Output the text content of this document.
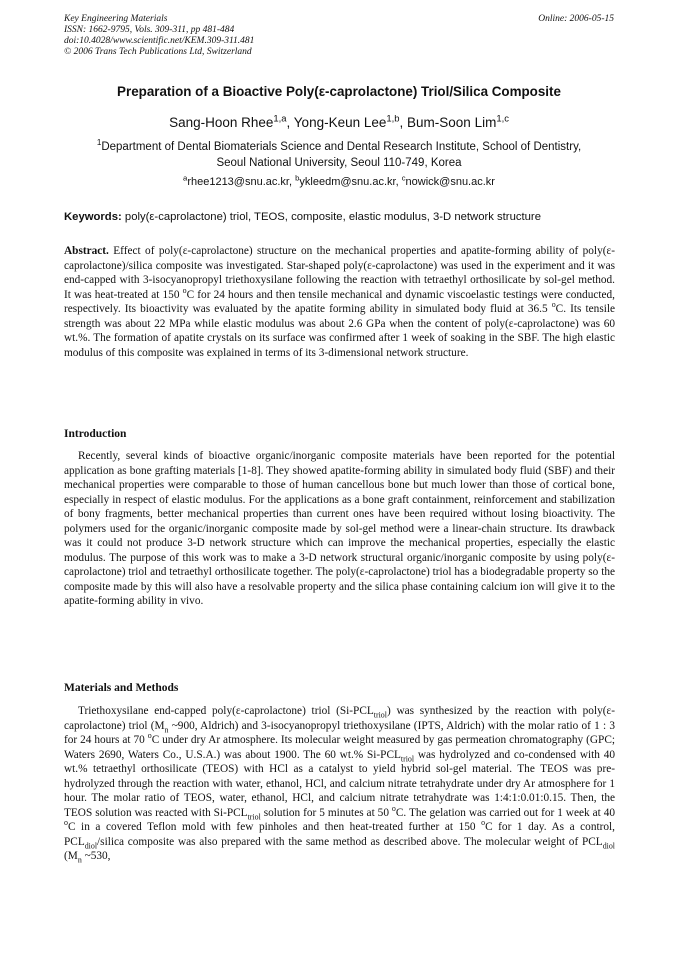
Key Engineering Materials
ISSN: 1662-9795, Vols. 309-311, pp 481-484
doi:10.4028/www.scientific.net/KEM.309-311.481
© 2006 Trans Tech Publications Ltd, Switzerland
Online: 2006-05-15
Preparation of a Bioactive Poly(ε-caprolactone) Triol/Silica Composite
Sang-Hoon Rhee$^{1,a}$, Yong-Keun Lee$^{1,b}$, Bum-Soon Lim$^{1,c}$
$^1$Department of Dental Biomaterials Science and Dental Research Institute, School of Dentistry,
Seoul National University, Seoul 110-749, Korea
$^a$rhee1213@snu.ac.kr, $^b$ykleedm@snu.ac.kr, $^c$nowick@snu.ac.kr
Keywords: poly(ε-caprolactone) triol, TEOS, composite, elastic modulus, 3-D network structure
Abstract. Effect of poly(ε-caprolactone) structure on the mechanical properties and apatite-forming ability of poly(ε-caprolactone)/silica composite was investigated. Star-shaped poly(ε-caprolactone) was used in the experiment and it was end-capped with 3-isocyanopropyl triethoxysilane following the reaction with tetraethyl orthosilicate by sol-gel method. It was heat-treated at 150 $^o$C for 24 hours and then tensile mechanical and dynamic viscoelastic testings were conducted, respectively. Its bioactivity was evaluated by the apatite forming ability in simulated body fluid at 36.5 $^o$C. Its tensile strength was about 22 MPa while elastic modulus was about 2.6 GPa when the content of poly(ε-caprolactone) was 60 wt.%. The formation of apatite crystals on its surface was confirmed after 1 week of soaking in the SBF. The high elastic modulus of this composite was explained in terms of its 3-dimensional network structure.
Introduction
Recently, several kinds of bioactive organic/inorganic composite materials have been reported for the potential application as bone grafting materials [1-8]. They showed apatite-forming ability in simulated body fluid (SBF) and their mechanical properties were comparable to those of human cancellous bone but much lower than those of cortical bone, especially in respect of elastic modulus. For the applications as a bone graft containment, reinforcement and stabilization of bony fragments, better mechanical properties than current ones have been required without losing bioactivity. The polymers used for the organic/inorganic composite made by sol-gel method were a linear-chain structure. Its drawback was it could not produce 3-D network structure which can improve the mechanical properties, especially the elastic modulus. The purpose of this work was to make a 3-D network structural organic/inorganic composite by using poly(ε-caprolactone) triol and tetraethyl orthosilicate together. The poly(ε-caprolactone) triol has a biodegradable property so the composite made by this will also have a resolvable property and the silica phase containing calcium ion will give it to the apatite-forming ability in vivo.
Materials and Methods
Triethoxysilane end-capped poly(ε-caprolactone) triol $(Si-PCL_{triol})$ was synthesized by the reaction with poly(ε-caprolactone) triol ($M_n$ ~900, Aldrich) and 3-isocyanopropyl triethoxysilane (IPTS, Aldrich) with the molar ratio of 1 : 3 for 24 hours at 70 $^o$C under dry Ar atmosphere. Its molecular weight measured by gas permeation chromatography (GPC; Waters 2690, Waters Co., U.S.A.) was about 1900. The 60 wt.% $Si-PCL_{triol}$ was hydrolyzed and co-condensed with 40 wt.% tetraethyl orthosilicate (TEOS) with HCl as a catalyst to yield hybrid sol-gel material. The TEOS was pre-hydrolyzed through the reaction with water, ethanol, HCl, and calcium nitrate tetrahydrate under dry Ar atmosphere for 1 hour. The molar ratio of TEOS, water, ethanol, HCl, and calcium nitrate tetrahydrate was 1:4:1:0.01:0.15. Then, the TEOS solution was reacted with $Si-PCL_{triol}$ solution for 5 minutes at 50 $^o$C. The gelation was carried out for 1 week at 40 $^o$C in a covered Teflon mold with few pinholes and then heat-treated further at 150 $^o$C for 1 day. As a control, $PCL_{diol}$/silica composite was also prepared with the same method as described above. The molecular weight of $PCL_{diol}$ ($M_n$ ~530,
